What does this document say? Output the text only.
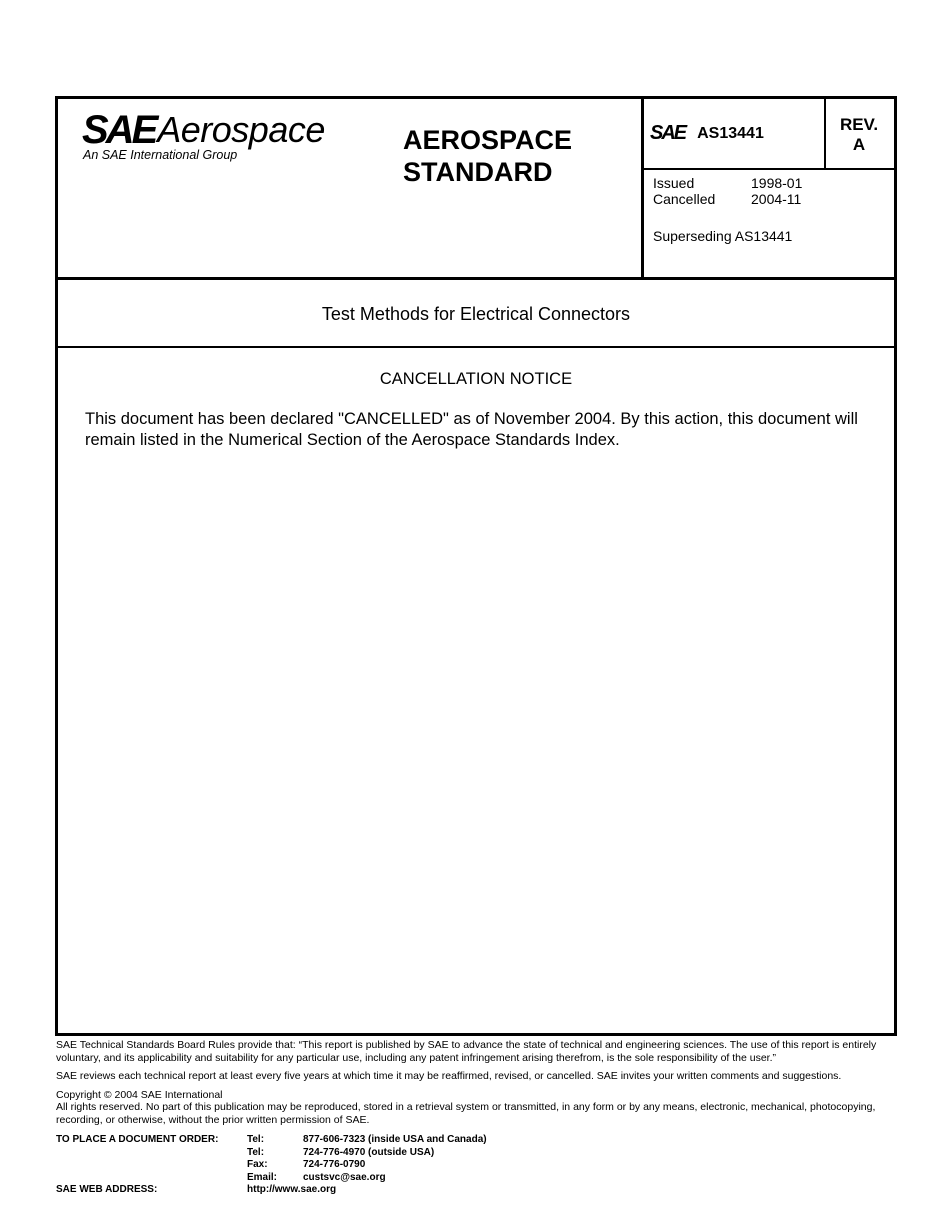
SAE Aerospace
An SAE International Group	AEROSPACE
STANDARD
SAE AS13441	REV.
A
Issued	1998-01
Cancelled	2004-11
Superseding AS13441
Test Methods for Electrical Connectors
CANCELLATION NOTICE
This document has been declared "CANCELLED" as of November 2004. By this action, this document will remain listed in the Numerical Section of the Aerospace Standards Index.
SAE Technical Standards Board Rules provide that: “This report is published by SAE to advance the state of technical and engineering sciences. The use of this report is entirely voluntary, and its applicability and suitability for any particular use, including any patent infringement arising therefrom, is the sole responsibility of the user.”
SAE reviews each technical report at least every five years at which time it may be reaffirmed, revised, or cancelled. SAE invites your written comments and suggestions.
Copyright © 2004 SAE International
All rights reserved. No part of this publication may be reproduced, stored in a retrieval system or transmitted, in any form or by any means, electronic, mechanical, photocopying, recording, or otherwise, without the prior written permission of SAE.
TO PLACE A DOCUMENT ORDER:	Tel:	877-606-7323 (inside USA and Canada)
Tel:	724-776-4970 (outside USA)
Fax:	724-776-0790
Email:	custsvc@sae.org
SAE WEB ADDRESS:	http://www.sae.org
